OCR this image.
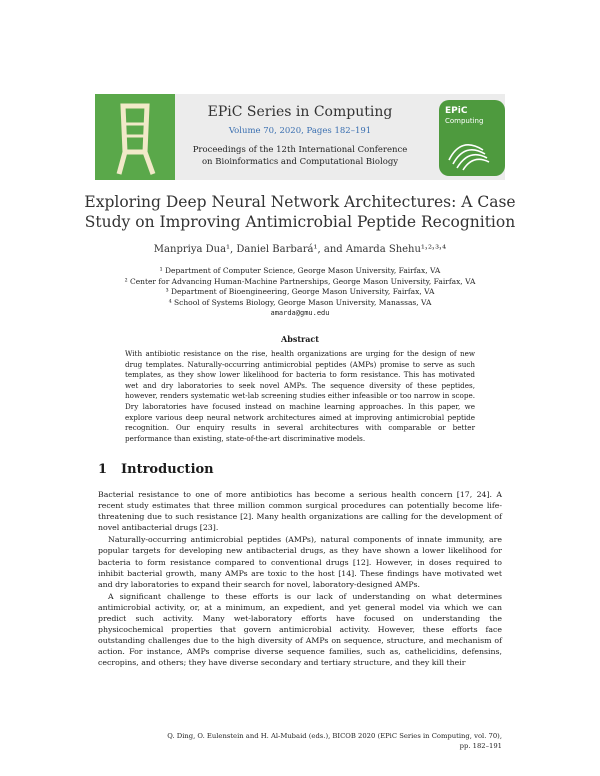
EPiC
Computing
EPiC Series in Computing
Volume 70, 2020, Pages 182–191
Proceedings of the 12th International Conference
on Bioinformatics and Computational Biology
Exploring Deep Neural Network Architectures: A Case
Study on Improving Antimicrobial Peptide Recognition
Manpriya Dua¹, Daniel Barbará¹, and Amarda Shehu¹˒²˒³˒⁴
¹ Department of Computer Science, George Mason University, Fairfax, VA
² Center for Advancing Human-Machine Partnerships, George Mason University, Fairfax, VA
³ Department of Bioengineering, George Mason University, Fairfax, VA
⁴ School of Systems Biology, George Mason University, Manassas, VA
amarda@gmu.edu
Abstract
With antibiotic resistance on the rise, health organizations are urging for the design of new drug templates. Naturally-occurring antimicrobial peptides (AMPs) promise to serve as such templates, as they show lower likelihood for bacteria to form resistance. This has motivated wet and dry laboratories to seek novel AMPs. The sequence diversity of these peptides, however, renders systematic wet-lab screening studies either infeasible or too narrow in scope. Dry laboratories have focused instead on machine learning approaches. In this paper, we explore various deep neural network architectures aimed at improving antimicrobial peptide recognition. Our enquiry results in several architectures with comparable or better performance than existing, state-of-the-art discriminative models.
1 Introduction

Bacterial resistance to one of more antibiotics has become a serious health concern [17, 24]. A recent study estimates that three million common surgical procedures can potentially become life-threatening due to such resistance [2]. Many health organizations are calling for the development of novel antibacterial drugs [23].

Naturally-occurring antimicrobial peptides (AMPs), natural components of innate immunity, are popular targets for developing new antibacterial drugs, as they have shown a lower likelihood for bacteria to form resistance compared to conventional drugs [12]. However, in doses required to inhibit bacterial growth, many AMPs are toxic to the host [14]. These findings have motivated wet and dry laboratories to expand their search for novel, laboratory-designed AMPs.

A significant challenge to these efforts is our lack of understanding on what determines antimicrobial activity, or, at a minimum, an expedient, and yet general model via which we can predict such activity. Many wet-laboratory efforts have focused on understanding the physicochemical properties that govern antimicrobial activity. However, these efforts face outstanding challenges due to the high diversity of AMPs on sequence, structure, and mechanism of action. For instance, AMPs comprise diverse sequence families, such as, cathelicidins, defensins, cecropins, and others; they have diverse secondary and tertiary structure, and they kill their

Q. Ding, O. Eulenstein and H. Al-Mubaid (eds.), BICOB 2020 (EPiC Series in Computing, vol. 70),
pp. 182–191
